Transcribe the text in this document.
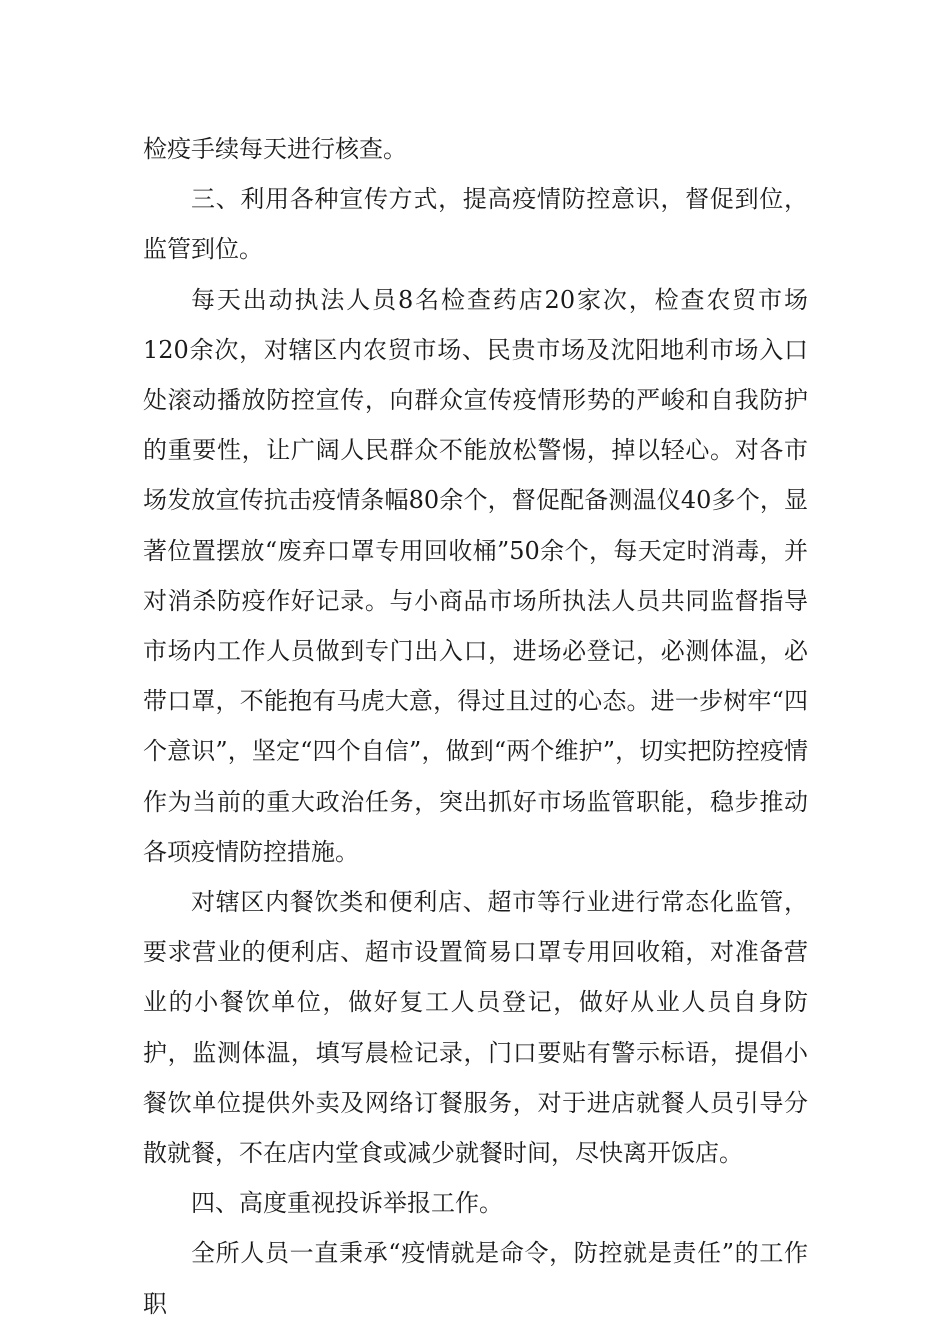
检疫手续每天进行核查。

三、利用各种宣传方式，提高疫情防控意识，督促到位，监管到位。

每天出动执法人员8名检查药店20家次，检查农贸市场120余次，对辖区内农贸市场、民贵市场及沈阳地利市场入口处滚动播放防控宣传，向群众宣传疫情形势的严峻和自我防护的重要性，让广阔人民群众不能放松警惕，掉以轻心。对各市场发放宣传抗击疫情条幅80余个，督促配备测温仪40多个，显著位置摆放“废弃口罩专用回收桶”50余个，每天定时消毒，并对消杀防疫作好记录。与小商品市场所执法人员共同监督指导市场内工作人员做到专门出入口，进场必登记，必测体温，必带口罩，不能抱有马虎大意，得过且过的心态。进一步树牢“四个意识”，坚定“四个自信”，做到“两个维护”，切实把防控疫情作为当前的重大政治任务，突出抓好市场监管职能，稳步推动各项疫情防控措施。

对辖区内餐饮类和便利店、超市等行业进行常态化监管，要求营业的便利店、超市设置简易口罩专用回收箱，对准备营业的小餐饮单位，做好复工人员登记，做好从业人员自身防护，监测体温，填写晨检记录，门口要贴有警示标语，提倡小餐饮单位提供外卖及网络订餐服务，对于进店就餐人员引导分散就餐，不在店内堂食或减少就餐时间，尽快离开饭店。

四、高度重视投诉举报工作。

全所人员一直秉承“疫情就是命令，防控就是责任”的工作职
